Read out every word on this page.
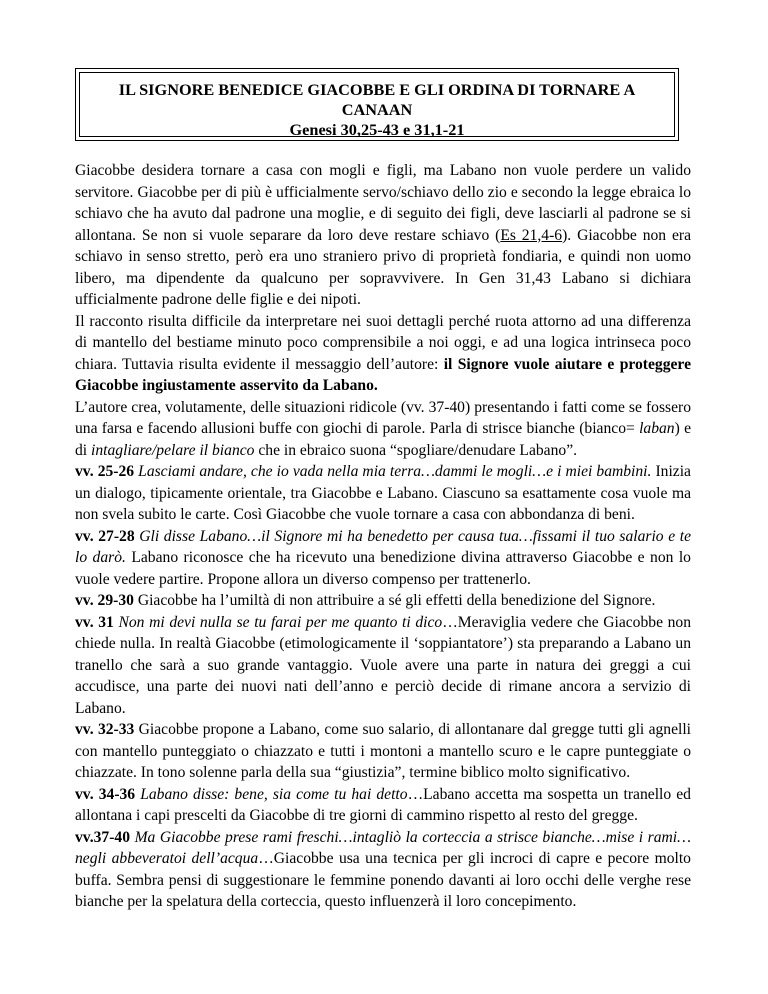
IL SIGNORE BENEDICE GIACOBBE E GLI ORDINA DI TORNARE A
CANAAN
Genesi 30,25-43 e 31,1-21

Giacobbe desidera tornare a casa con mogli e figli, ma Labano non vuole perdere un valido servitore. Giacobbe per di più è ufficialmente servo/schiavo dello zio e secondo la legge ebraica lo schiavo che ha avuto dal padrone una moglie, e di seguito dei figli, deve lasciarli al padrone se si allontana. Se non si vuole separare da loro deve restare schiavo (Es 21,4-6). Giacobbe non era schiavo in senso stretto, però era uno straniero privo di proprietà fondiaria, e quindi non uomo libero, ma dipendente da qualcuno per sopravvivere. In Gen 31,43 Labano si dichiara ufficialmente padrone delle figlie e dei nipoti.

Il racconto risulta difficile da interpretare nei suoi dettagli perché ruota attorno ad una differenza di mantello del bestiame minuto poco comprensibile a noi oggi, e ad una logica intrinseca poco chiara. Tuttavia risulta evidente il messaggio dell’autore: il Signore vuole aiutare e proteggere Giacobbe ingiustamente asservito da Labano.

L’autore crea, volutamente, delle situazioni ridicole (vv. 37-40) presentando i fatti come se fossero una farsa e facendo allusioni buffe con giochi di parole. Parla di strisce bianche (bianco= laban) e di intagliare/pelare il bianco che in ebraico suona “spogliare/denudare Labano”.

vv. 25-26 Lasciami andare, che io vada nella mia terra…dammi le mogli…e i miei bambini. Inizia un dialogo, tipicamente orientale, tra Giacobbe e Labano. Ciascuno sa esattamente cosa vuole ma non svela subito le carte. Così Giacobbe che vuole tornare a casa con abbondanza di beni.

vv. 27-28 Gli disse Labano…il Signore mi ha benedetto per causa tua…fissami il tuo salario e te lo darò. Labano riconosce che ha ricevuto una benedizione divina attraverso Giacobbe e non lo vuole vedere partire. Propone allora un diverso compenso per trattenerlo.

vv. 29-30 Giacobbe ha l’umiltà di non attribuire a sé gli effetti della benedizione del Signore.

vv. 31 Non mi devi nulla se tu farai per me quanto ti dico…Meraviglia vedere che Giacobbe non chiede nulla. In realtà Giacobbe (etimologicamente il ‘soppiantatore’) sta preparando a Labano un tranello che sarà a suo grande vantaggio. Vuole avere una parte in natura dei greggi a cui accudisce, una parte dei nuovi nati dell’anno e perciò decide di rimane ancora a servizio di Labano.

vv. 32-33 Giacobbe propone a Labano, come suo salario, di allontanare dal gregge tutti gli agnelli con mantello punteggiato o chiazzato e tutti i montoni a mantello scuro e le capre punteggiate o chiazzate. In tono solenne parla della sua “giustizia”, termine biblico molto significativo.

vv. 34-36 Labano disse: bene, sia come tu hai detto…Labano accetta ma sospetta un tranello ed allontana i capi prescelti da Giacobbe di tre giorni di cammino rispetto al resto del gregge.

vv.37-40 Ma Giacobbe prese rami freschi…intagliò la corteccia a strisce bianche…mise i rami…negli abbeveratoi dell’acqua…Giacobbe usa una tecnica per gli incroci di capre e pecore molto buffa. Sembra pensi di suggestionare le femmine ponendo davanti ai loro occhi delle verghe rese bianche per la spelatura della corteccia, questo influenzerà il loro concepimento.
